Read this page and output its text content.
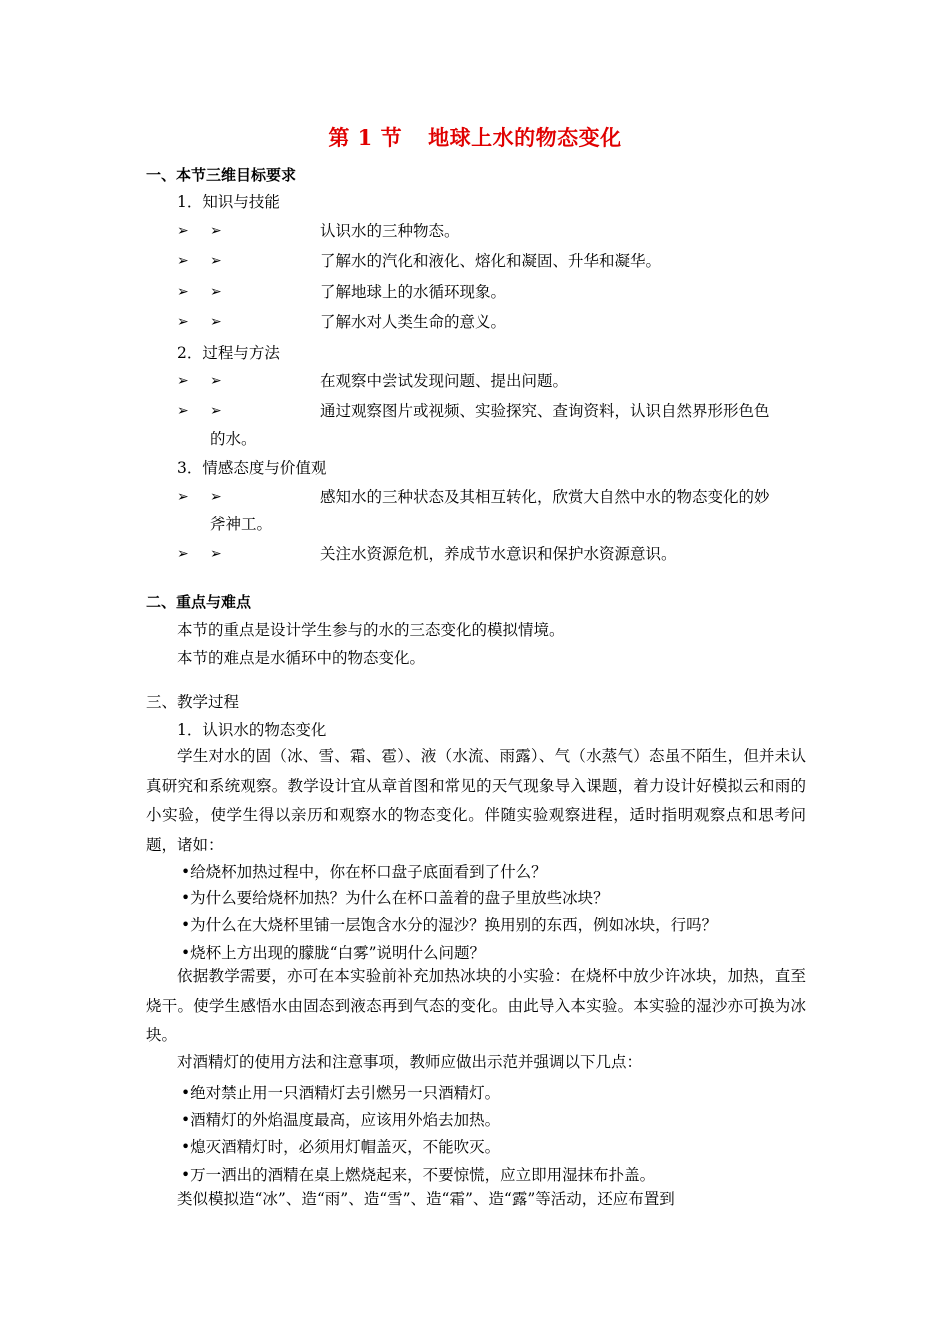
第 1 节 地球上水的物态变化
一、本节三维目标要求
1．知识与技能
➢ ➢	认识水的三种物态。
➢ ➢	了解水的汽化和液化、熔化和凝固、升华和凝华。
➢ ➢	了解地球上的水循环现象。
➢ ➢	了解水对人类生命的意义。
2．过程与方法
➢ ➢	在观察中尝试发现问题、提出问题。
➢ ➢	通过观察图片或视频、实验探究、查询资料，认识自然界形形色色
的水。
3．情感态度与价值观
➢ ➢	感知水的三种状态及其相互转化，欣赏大自然中水的物态变化的妙
斧神工。
➢ ➢	关注水资源危机，养成节水意识和保护水资源意识。
二、重点与难点
本节的重点是设计学生参与的水的三态变化的模拟情境。
本节的难点是水循环中的物态变化。
三、教学过程
1．认识水的物态变化
学生对水的固（冰、雪、霜、雹）、液（水流、雨露）、气（水蒸气）态虽不陌生，但并未认真研究和系统观察。教学设计宜从章首图和常见的天气现象导入课题，着力设计好模拟云和雨的小实验，使学生得以亲历和观察水的物态变化。伴随实验观察进程，适时指明观察点和思考问题，诸如：
•给烧杯加热过程中，你在杯口盘子底面看到了什么？
•为什么要给烧杯加热？为什么在杯口盖着的盘子里放些冰块？
•为什么在大烧杯里铺一层饱含水分的湿沙？换用别的东西，例如冰块，行吗？
•烧杯上方出现的朦胧“白雾”说明什么问题？
依据教学需要，亦可在本实验前补充加热冰块的小实验：在烧杯中放少许冰块，加热，直至烧干。使学生感悟水由固态到液态再到气态的变化。由此导入本实验。本实验的湿沙亦可换为冰块。
对酒精灯的使用方法和注意事项，教师应做出示范并强调以下几点：
•绝对禁止用一只酒精灯去引燃另一只酒精灯。
•酒精灯的外焰温度最高，应该用外焰去加热。
•熄灭酒精灯时，必须用灯帽盖灭，不能吹灭。
•万一洒出的酒精在桌上燃烧起来，不要惊慌，应立即用湿抹布扑盖。
类似模拟造“冰”、造“雨”、造“雪”、造“霜”、造“露”等活动，还应布置到
